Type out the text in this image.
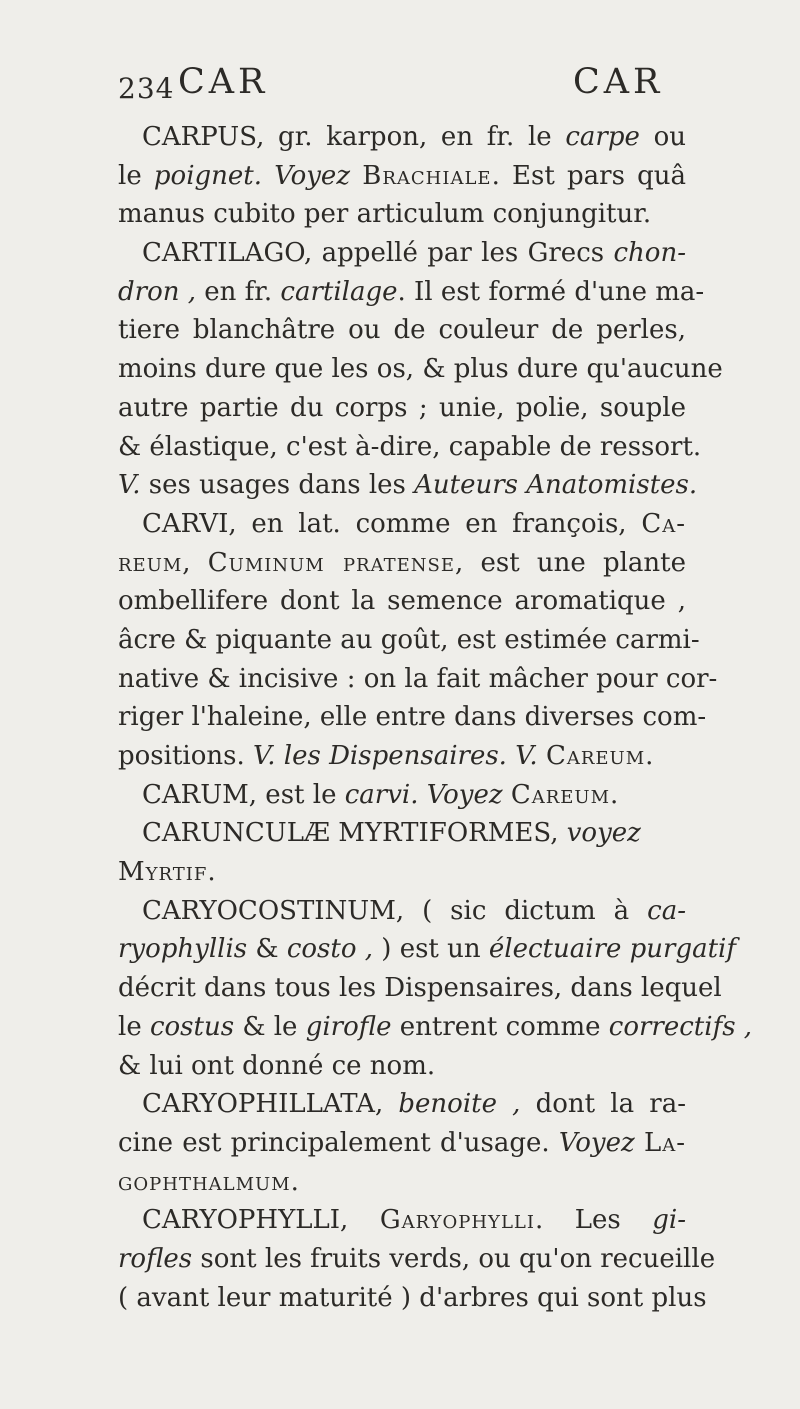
234 CAR	CAR
CARPUS, gr. karpon, en fr. le carpe ou
le poignet. Voyez Brachiale. Est pars quâ
manus cubito per articulum conjungitur.
CARTILAGO, appellé par les Grecs chon-
dron , en fr. cartilage. Il est formé d'une ma-
tiere blanchâtre ou de couleur de perles,
moins dure que les os, & plus dure qu'aucune
autre partie du corps ; unie, polie, souple
& élastique, c'est à-dire, capable de ressort.
V. ses usages dans les Auteurs Anatomistes.
CARVI, en lat. comme en françois, Ca-
reum, Cuminum pratense, est une plante
ombellifere dont la semence aromatique ,
âcre & piquante au goût, est estimée carmi-
native & incisive : on la fait mâcher pour cor-
riger l'haleine, elle entre dans diverses com-
positions. V. les Dispensaires. V. Careum.
CARUM, est le carvi. Voyez Careum.
CARUNCULÆ MYRTIFORMES, voyez
Myrtif.
CARYOCOSTINUM, ( sic dictum à ca-
ryophyllis & costo , ) est un électuaire purgatif
décrit dans tous les Dispensaires, dans lequel
le costus & le girofle entrent comme correctifs ,
& lui ont donné ce nom.
CARYOPHILLATA, benoite , dont la ra-
cine est principalement d'usage. Voyez La-
gophthalmum.
CARYOPHYLLI, Garyophylli. Les gi-
rofles sont les fruits verds, ou qu'on recueille
( avant leur maturité ) d'arbres qui sont plus
